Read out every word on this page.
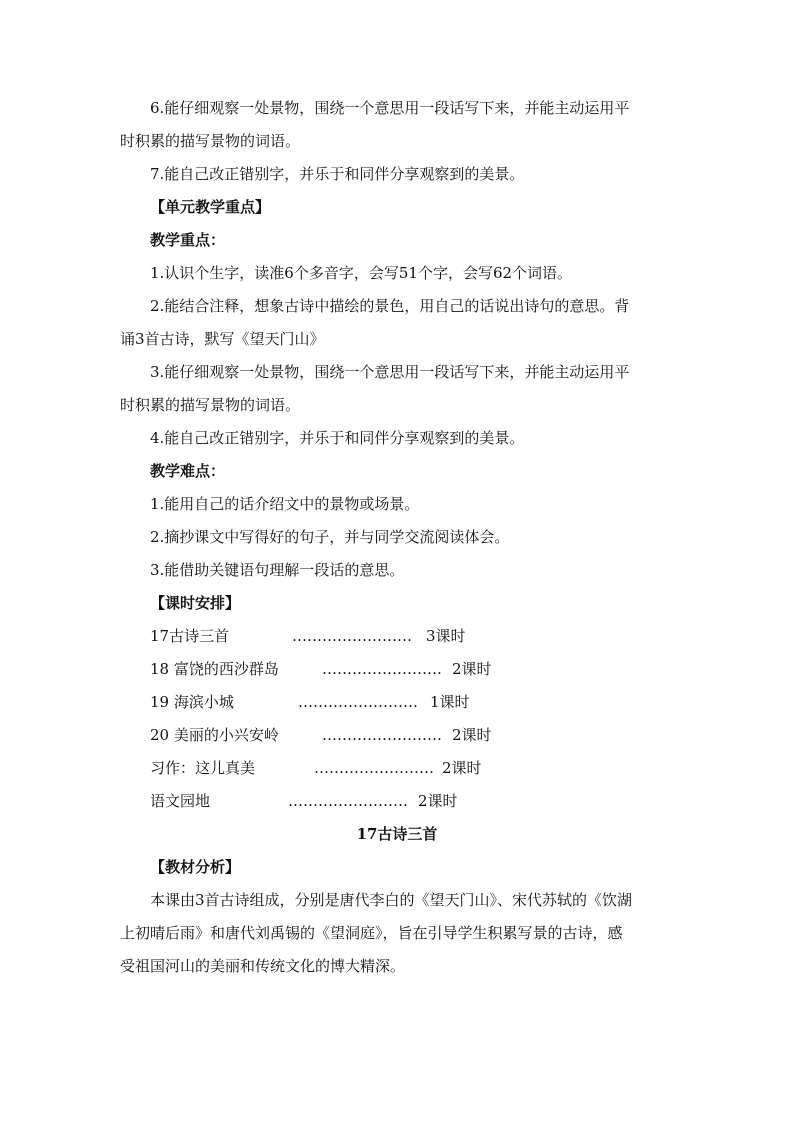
6.能仔细观察一处景物，围绕一个意思用一段话写下来，并能主动运用平
时积累的描写景物的词语。
7.能自己改正错别字，并乐于和同伴分享观察到的美景。
【单元教学重点】
教学重点：
1.认识个生字，读准6个多音字，会写51个字，会写62个词语。
2.能结合注释，想象古诗中描绘的景色，用自己的话说出诗句的意思。背
诵3首古诗，默写《望天门山》
3.能仔细观察一处景物，围绕一个意思用一段话写下来，并能主动运用平
时积累的描写景物的词语。
4.能自己改正错别字，并乐于和同伴分享观察到的美景。
教学难点：
1.能用自己的话介绍文中的景物或场景。
2.摘抄课文中写得好的句子，并与同学交流阅读体会。
3.能借助关键语句理解一段话的意思。
【课时安排】
17古诗三首	…………………… 3课时
18 富饶的西沙群岛	…………………… 2课时
19 海滨小城	…………………… 1课时
20 美丽的小兴安岭	…………………… 2课时
习作：这儿真美	…………………… 2课时
语文园地	…………………… 2课时
17古诗三首
【教材分析】
本课由3首古诗组成，分别是唐代李白的《望天门山》、宋代苏轼的《饮湖
上初晴后雨》和唐代刘禹锡的《望洞庭》，旨在引导学生积累写景的古诗，感
受祖国河山的美丽和传统文化的博大精深。
